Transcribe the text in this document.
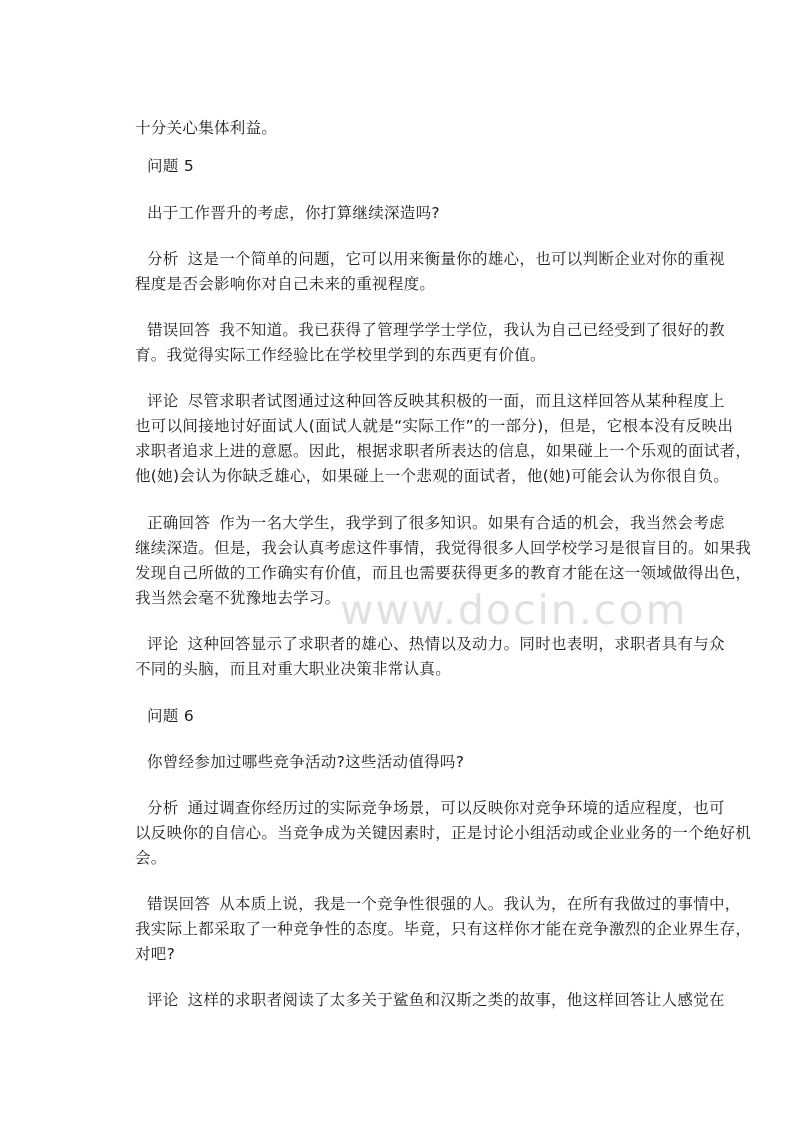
十分关心集体利益。
问题 5
出于工作晋升的考虑，你打算继续深造吗?
分析 这是一个简单的问题，它可以用来衡量你的雄心，也可以判断企业对你的重视
程度是否会影响你对自己未来的重视程度。
错误回答 我不知道。我已获得了管理学学士学位，我认为自己已经受到了很好的教
育。我觉得实际工作经验比在学校里学到的东西更有价值。
评论 尽管求职者试图通过这种回答反映其积极的一面，而且这样回答从某种程度上
也可以间接地讨好面试人(面试人就是“实际工作”的一部分)，但是，它根本没有反映出
求职者追求上进的意愿。因此，根据求职者所表达的信息，如果碰上一个乐观的面试者，
他(她)会认为你缺乏雄心，如果碰上一个悲观的面试者，他(她)可能会认为你很自负。
正确回答 作为一名大学生，我学到了很多知识。如果有合适的机会，我当然会考虑
继续深造。但是，我会认真考虑这件事情，我觉得很多人回学校学习是很盲目的。如果我
发现自己所做的工作确实有价值，而且也需要获得更多的教育才能在这一领域做得出色，
我当然会毫不犹豫地去学习。
评论 这种回答显示了求职者的雄心、热情以及动力。同时也表明，求职者具有与众
不同的头脑，而且对重大职业决策非常认真。
问题 6
你曾经参加过哪些竞争活动?这些活动值得吗?
分析 通过调查你经历过的实际竞争场景，可以反映你对竞争环境的适应程度，也可
以反映你的自信心。当竞争成为关键因素时，正是讨论小组活动或企业业务的一个绝好机
会。
错误回答 从本质上说，我是一个竞争性很强的人。我认为，在所有我做过的事情中，
我实际上都采取了一种竞争性的态度。毕竟，只有这样你才能在竞争激烈的企业界生存，
对吧?
评论 这样的求职者阅读了太多关于鲨鱼和汉斯之类的故事，他这样回答让人感觉在
www.docin.com
